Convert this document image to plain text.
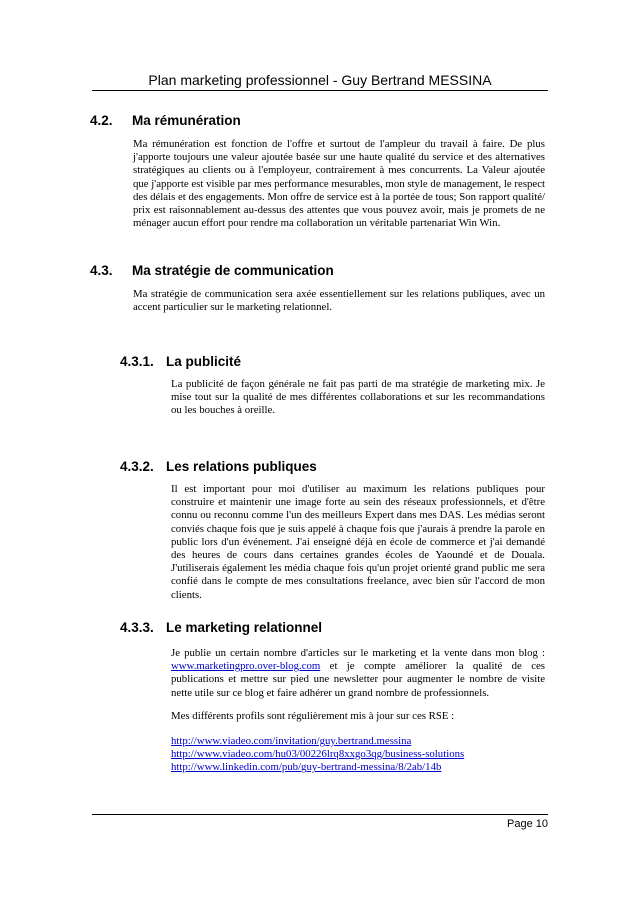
Plan marketing professionnel - Guy Bertrand MESSINA
4.2. Ma rémunération
Ma rémunération est fonction de l'offre et surtout de l'ampleur du travail à faire. De plus j'apporte toujours une valeur ajoutée basée sur une haute qualité du service et des alternatives stratégiques au clients ou à l'employeur, contrairement à mes concurrents. La Valeur ajoutée que j'apporte est visible par mes performance mesurables, mon style de management, le respect des délais et des engagements. Mon offre de service est à la portée de tous; Son rapport qualité/ prix est raisonnablement au-dessus des attentes que vous pouvez avoir, mais je promets de ne ménager aucun effort pour rendre ma collaboration un véritable partenariat Win Win.
4.3. Ma stratégie de communication
Ma stratégie de communication sera axée essentiellement sur les relations publiques, avec un accent particulier sur le marketing relationnel.
4.3.1. La publicité
La publicité de façon générale ne fait pas parti de ma stratégie de marketing mix. Je mise tout sur la qualité de mes différentes collaborations et sur les recommandations ou les bouches à oreille.
4.3.2. Les relations publiques
Il est important pour moi d'utiliser au maximum les relations publiques pour construire et maintenir une image forte au sein des réseaux professionnels, et d'être connu ou reconnu comme l'un des meilleurs Expert dans mes DAS. Les médias seront conviés chaque fois que je suis appelé à chaque fois que j'aurais à prendre la parole en public lors d'un événement. J'ai enseigné déjà en école de commerce et j'ai demandé des heures de cours dans certaines grandes écoles de Yaoundé et de Douala. J'utiliserais également les média chaque fois qu'un projet orienté grand public me sera confié dans le compte de mes consultations freelance, avec bien sûr l'accord de mon clients.
4.3.3. Le marketing relationnel
Je publie un certain nombre d'articles sur le marketing et la vente dans mon blog : www.marketingpro.over-blog.com et je compte améliorer la qualité de ces publications et mettre sur pied une newsletter pour augmenter le nombre de visite nette utile sur ce blog et faire adhérer un grand nombre de professionnels.
Mes différents profils sont régulièrement mis à jour sur ces RSE :
http://www.viadeo.com/invitation/guy.bertrand.messina
http://www.viadeo.com/hu03/00226lrq8xxgo3qg/business-solutions
http://www.linkedin.com/pub/guy-bertrand-messina/8/2ab/14b
Page 10
